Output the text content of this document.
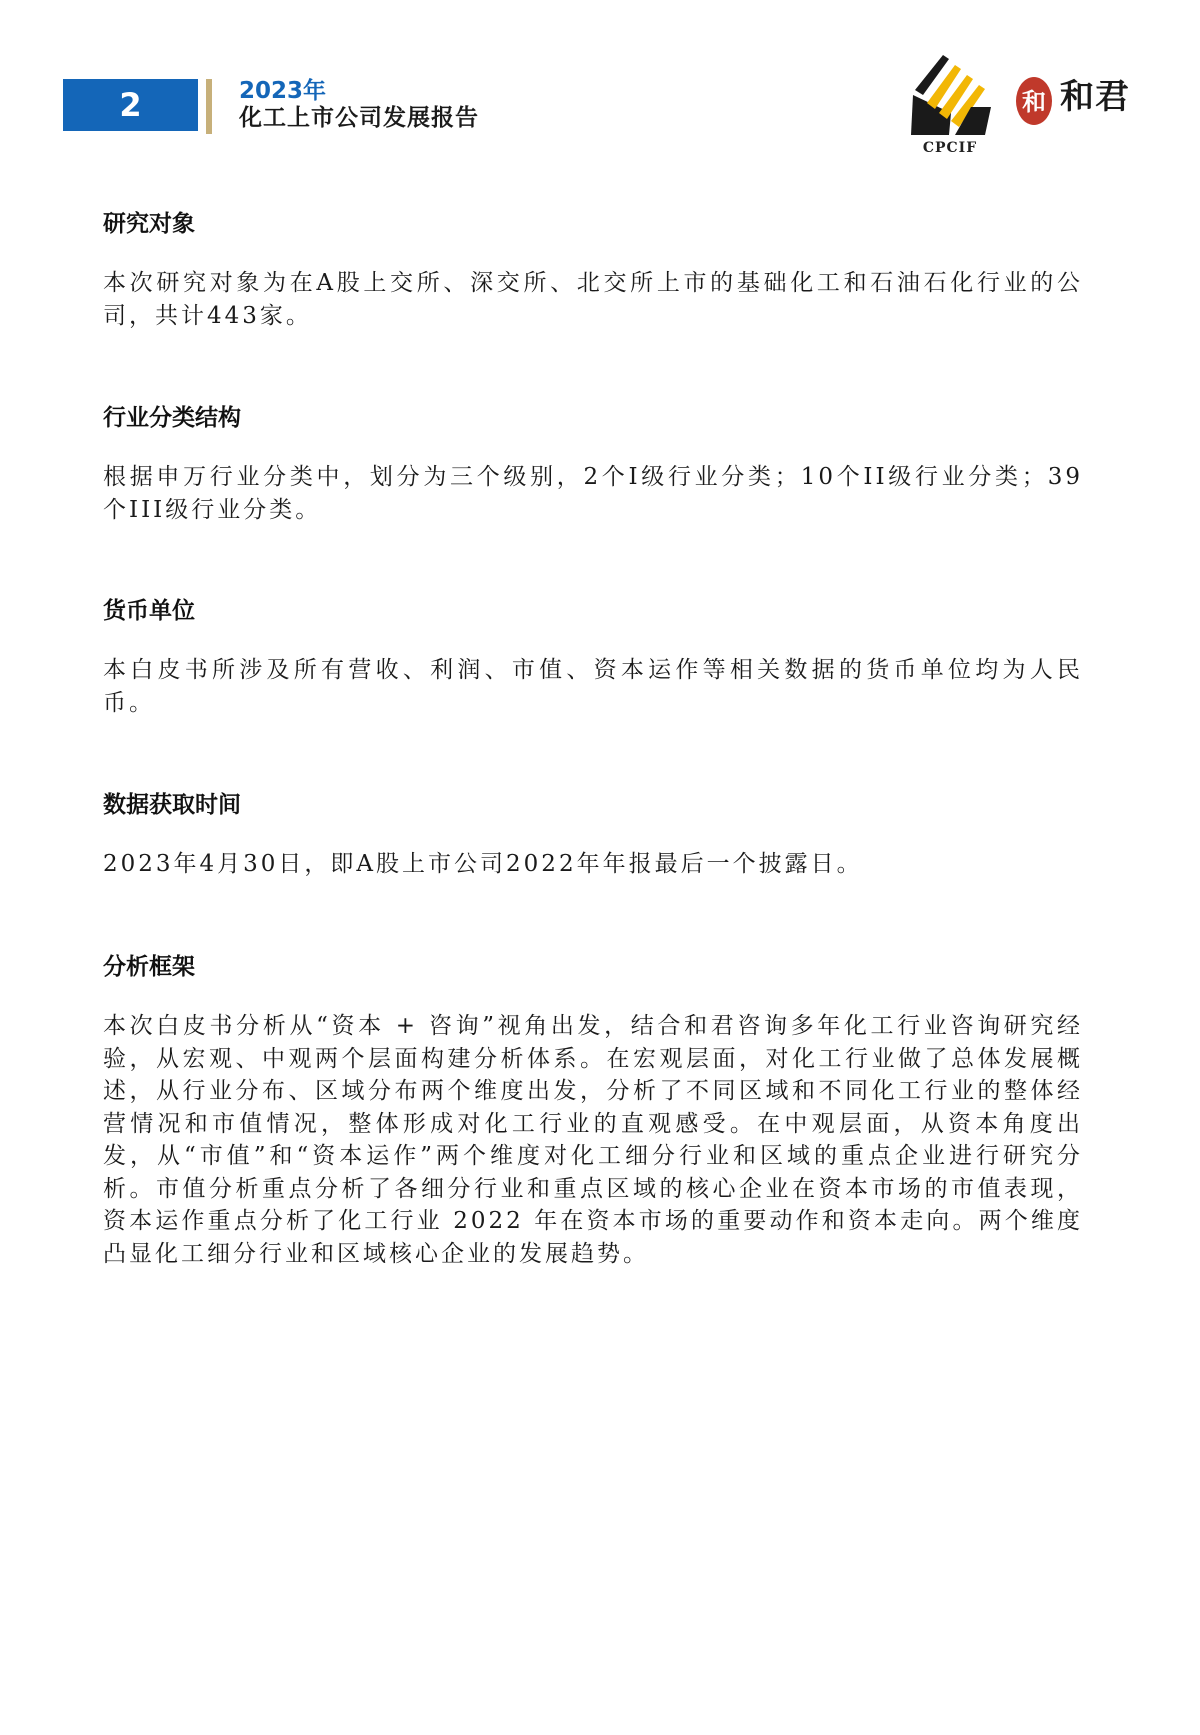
2	2023年
化工上市公司发展报告
CPCIF
和 和君
研究对象

本次研究对象为在A股上交所、深交所、北交所上市的基础化工和石油石化行业的公司，共计443家。

行业分类结构

根据申万行业分类中，划分为三个级别，2个I级行业分类；10个II级行业分类；39个III级行业分类。

货币单位

本白皮书所涉及所有营收、利润、市值、资本运作等相关数据的货币单位均为人民币。

数据获取时间

2023年4月30日，即A股上市公司2022年年报最后一个披露日。

分析框架

本次白皮书分析从“资本 + 咨询”视角出发，结合和君咨询多年化工行业咨询研究经验，从宏观、中观两个层面构建分析体系。在宏观层面，对化工行业做了总体发展概述，从行业分布、区域分布两个维度出发，分析了不同区域和不同化工行业的整体经营情况和市值情况，整体形成对化工行业的直观感受。在中观层面，从资本角度出发，从“市值”和“资本运作”两个维度对化工细分行业和区域的重点企业进行研究分析。市值分析重点分析了各细分行业和重点区域的核心企业在资本市场的市值表现，资本运作重点分析了化工行业 2022 年在资本市场的重要动作和资本走向。两个维度凸显化工细分行业和区域核心企业的发展趋势。
